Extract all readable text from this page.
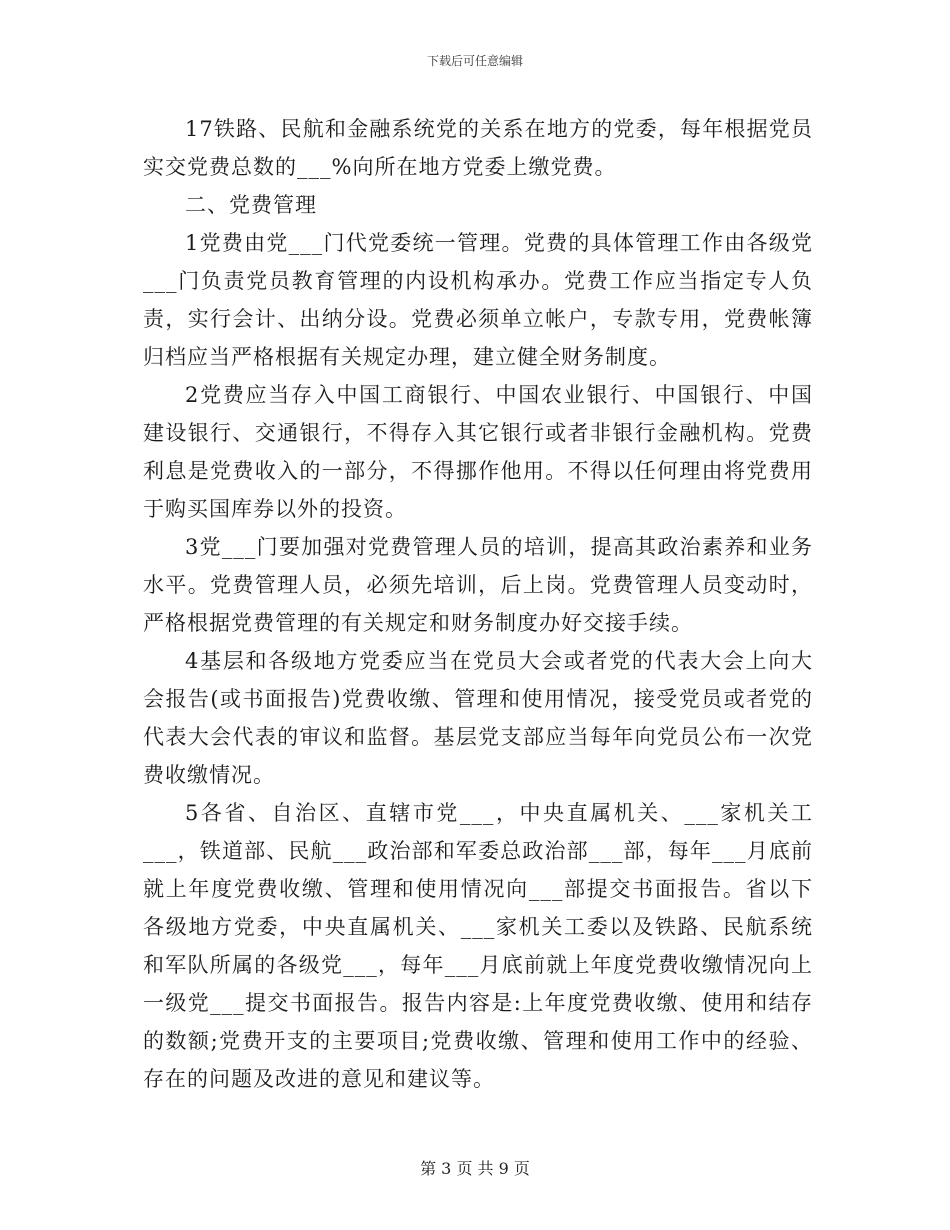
下载后可任意编辑

17铁路、民航和金融系统党的关系在地方的党委，每年根据党员实交党费总数的___%向所在地方党委上缴党费。

二、党费管理

1党费由党___门代党委统一管理。党费的具体管理工作由各级党___门负责党员教育管理的内设机构承办。党费工作应当指定专人负责，实行会计、出纳分设。党费必须单立帐户，专款专用，党费帐簿归档应当严格根据有关规定办理，建立健全财务制度。

2党费应当存入中国工商银行、中国农业银行、中国银行、中国建设银行、交通银行，不得存入其它银行或者非银行金融机构。党费利息是党费收入的一部分，不得挪作他用。不得以任何理由将党费用于购买国库券以外的投资。

3党___门要加强对党费管理人员的培训，提高其政治素养和业务水平。党费管理人员，必须先培训，后上岗。党费管理人员变动时，严格根据党费管理的有关规定和财务制度办好交接手续。

4基层和各级地方党委应当在党员大会或者党的代表大会上向大会报告(或书面报告)党费收缴、管理和使用情况，接受党员或者党的代表大会代表的审议和监督。基层党支部应当每年向党员公布一次党费收缴情况。

5各省、自治区、直辖市党___，中央直属机关、___家机关工___，铁道部、民航___政治部和军委总政治部___部，每年___月底前就上年度党费收缴、管理和使用情况向___部提交书面报告。省以下各级地方党委，中央直属机关、___家机关工委以及铁路、民航系统和军队所属的各级党___，每年___月底前就上年度党费收缴情况向上一级党___提交书面报告。报告内容是:上年度党费收缴、使用和结存的数额;党费开支的主要项目;党费收缴、管理和使用工作中的经验、存在的问题及改进的意见和建议等。

第 3 页 共 9 页
